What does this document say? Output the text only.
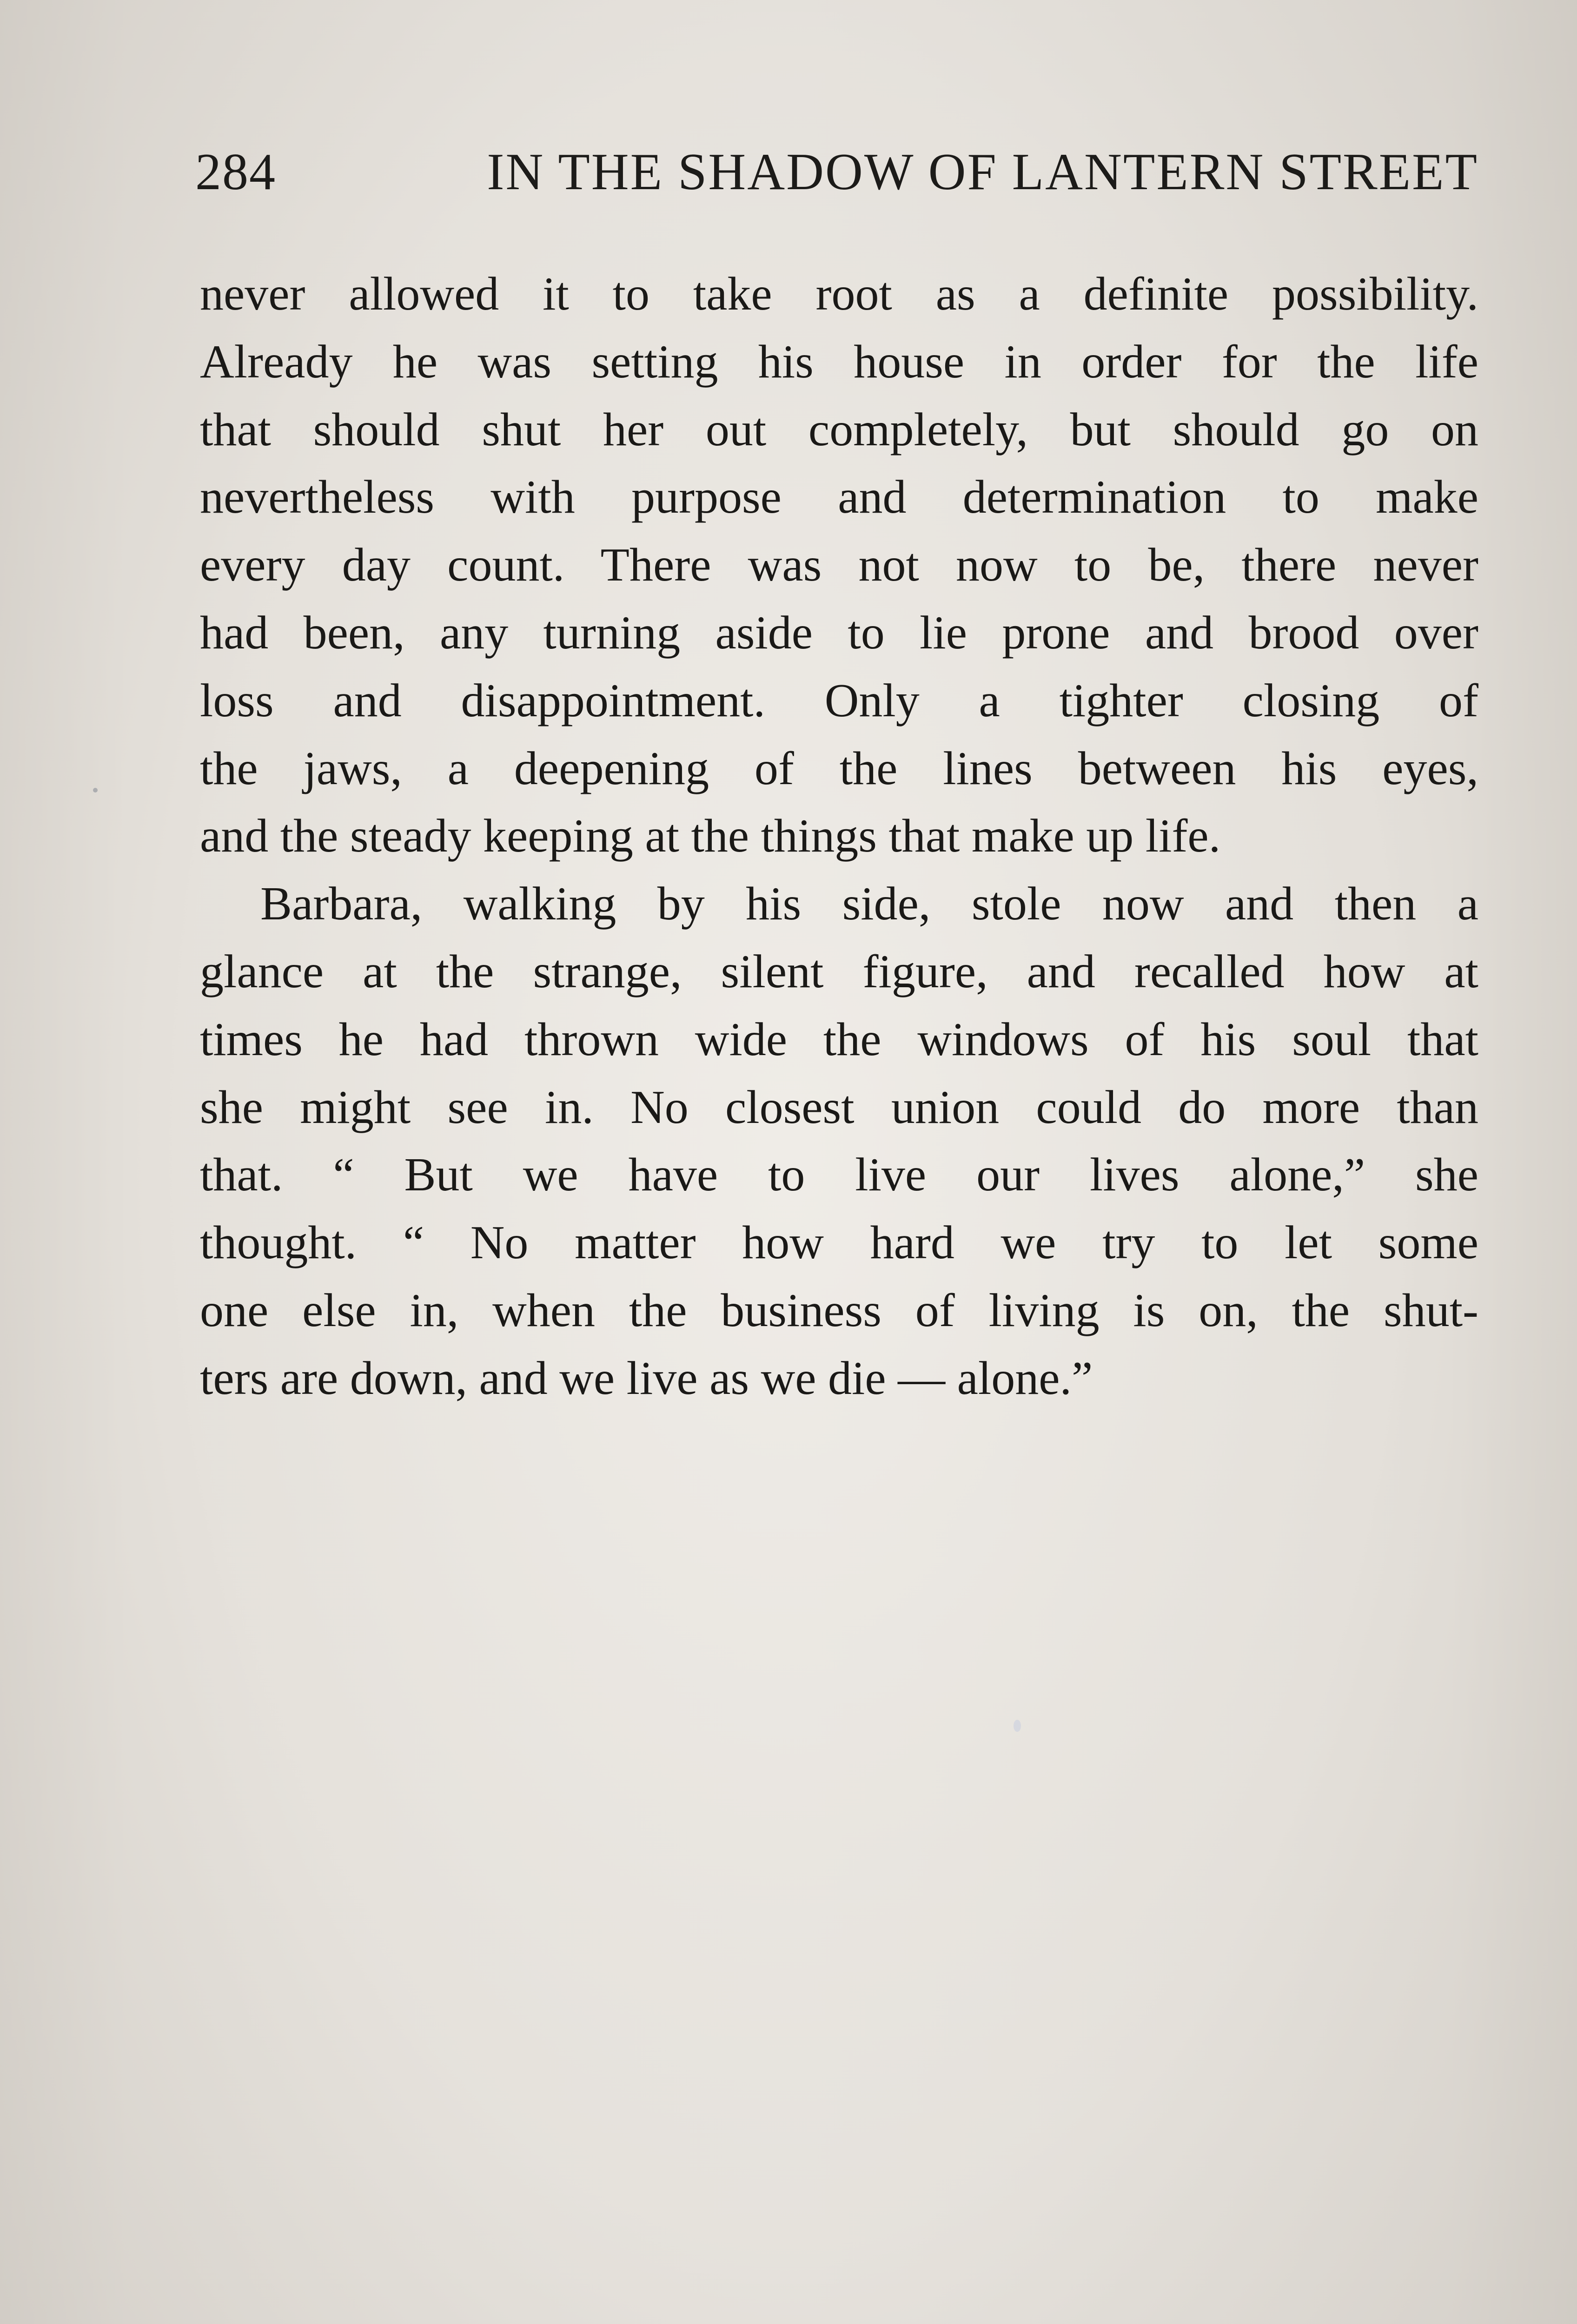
284	IN THE SHADOW OF LANTERN STREET
never allowed it to take root as a definite possibility.
Already he was setting his house in order for the life
that should shut her out completely, but should go on
nevertheless with purpose and determination to make
every day count. There was not now to be, there never
had been, any turning aside to lie prone and brood over
loss and disappointment. Only a tighter closing of
the jaws, a deepening of the lines between his eyes,
and the steady keeping at the things that make up life.
Barbara, walking by his side, stole now and then a
glance at the strange, silent figure, and recalled how at
times he had thrown wide the windows of his soul that
she might see in. No closest union could do more than
that. “ But we have to live our lives alone,” she
thought. “ No matter how hard we try to let some
one else in, when the business of living is on, the shut-
ters are down, and we live as we die — alone.”
